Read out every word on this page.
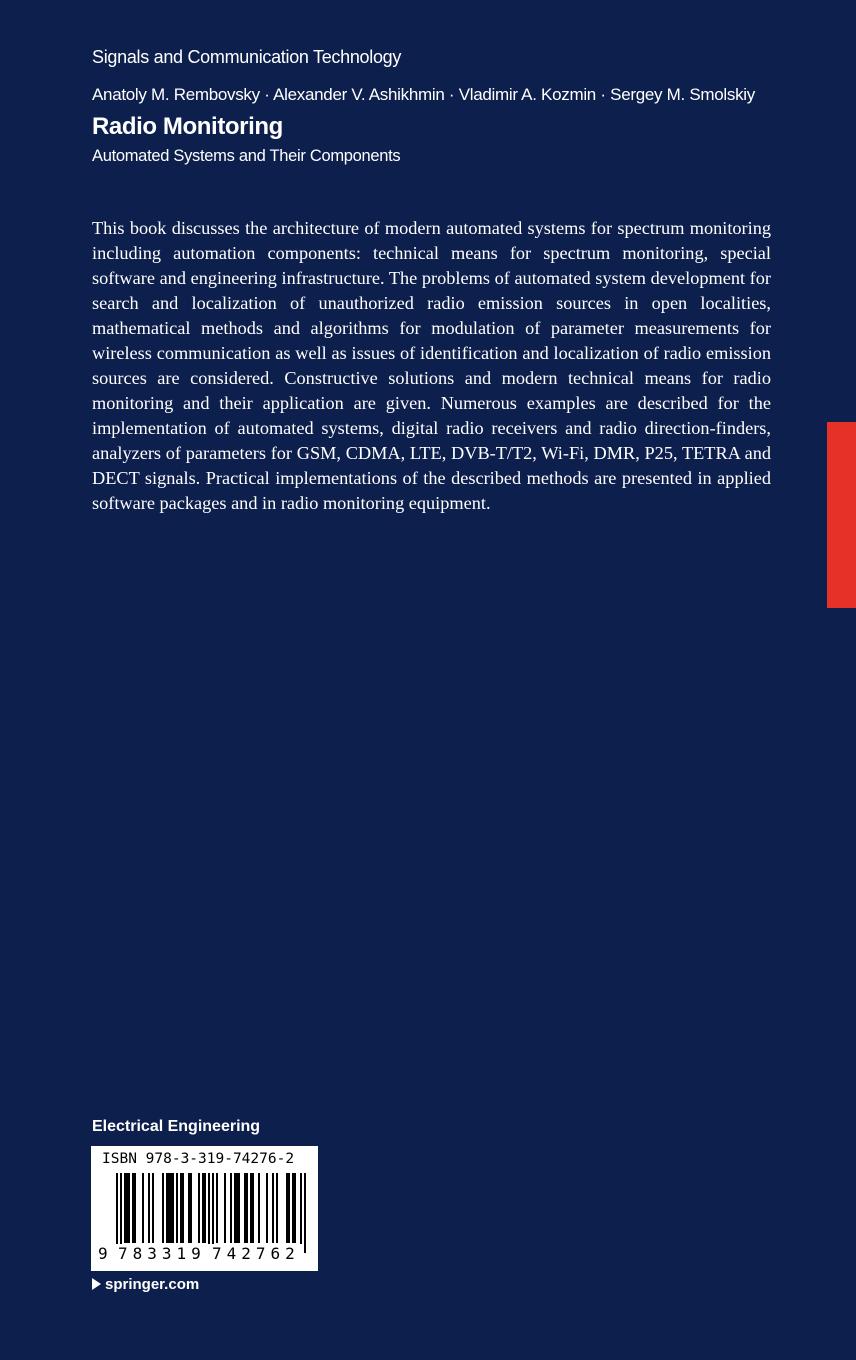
Signals and Communication Technology
Anatoly M. Rembovsky · Alexander V. Ashikhmin · Vladimir A. Kozmin · Sergey M. Smolskiy
Radio Monitoring
Automated Systems and Their Components

This book discusses the architecture of modern automated systems for spectrum monitoring including automation components: technical means for spectrum monitoring, special software and engineering infrastructure. The problems of automated system development for search and localization of unauthorized radio emission sources in open localities, mathematical methods and algorithms for modulation of parameter measurements for wireless communication as well as issues of identification and localization of radio emission sources are considered. Constructive solutions and modern technical means for radio monitoring and their application are given. Numerous examples are described for the implementation of automated systems, digital radio receivers and radio direction-finders, analyzers of parameters for GSM, CDMA, LTE, DVB-T/T2, Wi-Fi, DMR, P25, TETRA and DECT signals. Practical implementations of the described methods are presented in applied software packages and in radio monitoring equipment.

Electrical Engineering
ISBN 978-3-319-74276-2
9 783319 742762
springer.com
